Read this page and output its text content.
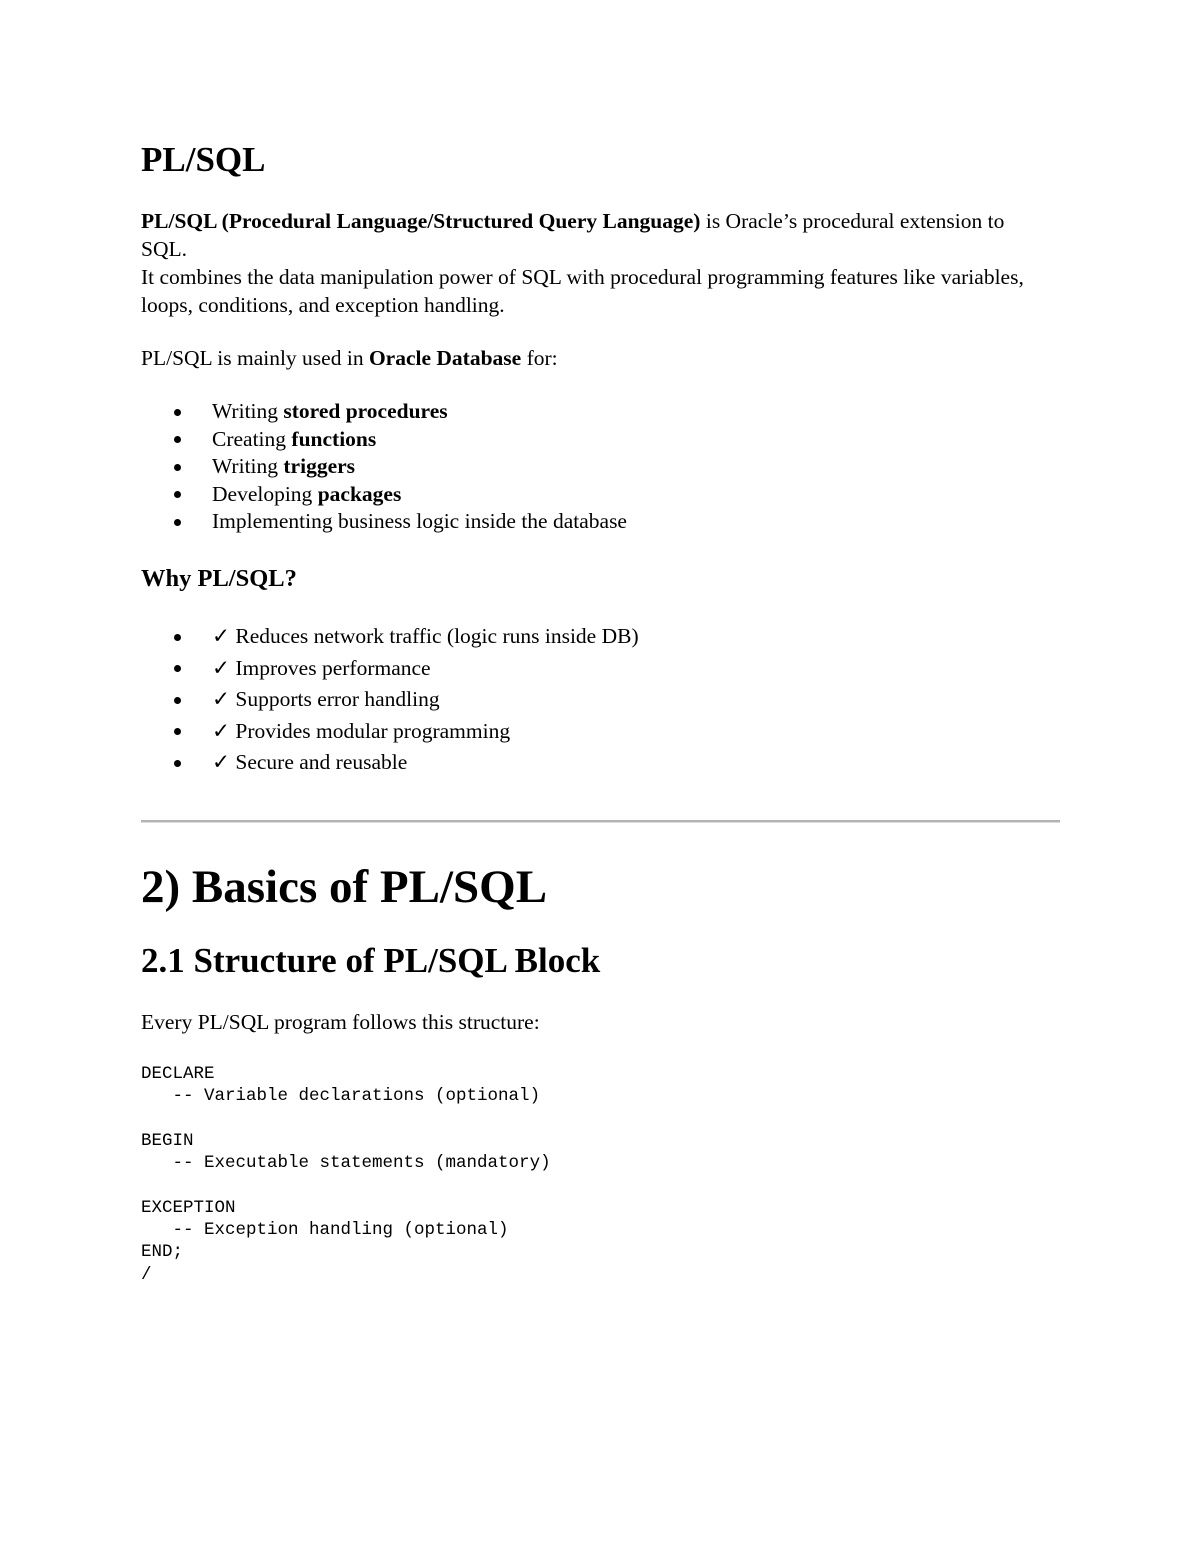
PL/SQL

PL/SQL (Procedural Language/Structured Query Language) is Oracle’s procedural extension to SQL.
It combines the data manipulation power of SQL with procedural programming features like variables, loops, conditions, and exception handling.

PL/SQL is mainly used in Oracle Database for:

Writing stored procedures
Creating functions
Writing triggers
Developing packages
Implementing business logic inside the database
Why PL/SQL?
✓ Reduces network traffic (logic runs inside DB)
✓ Improves performance
✓ Supports error handling
✓ Provides modular programming
✓ Secure and reusable
2) Basics of PL/SQL
2.1 Structure of PL/SQL Block

Every PL/SQL program follows this structure:

DECLARE
-- Variable declarations (optional)
BEGIN
-- Executable statements (mandatory)
EXCEPTION
-- Exception handling (optional)
END;
/
